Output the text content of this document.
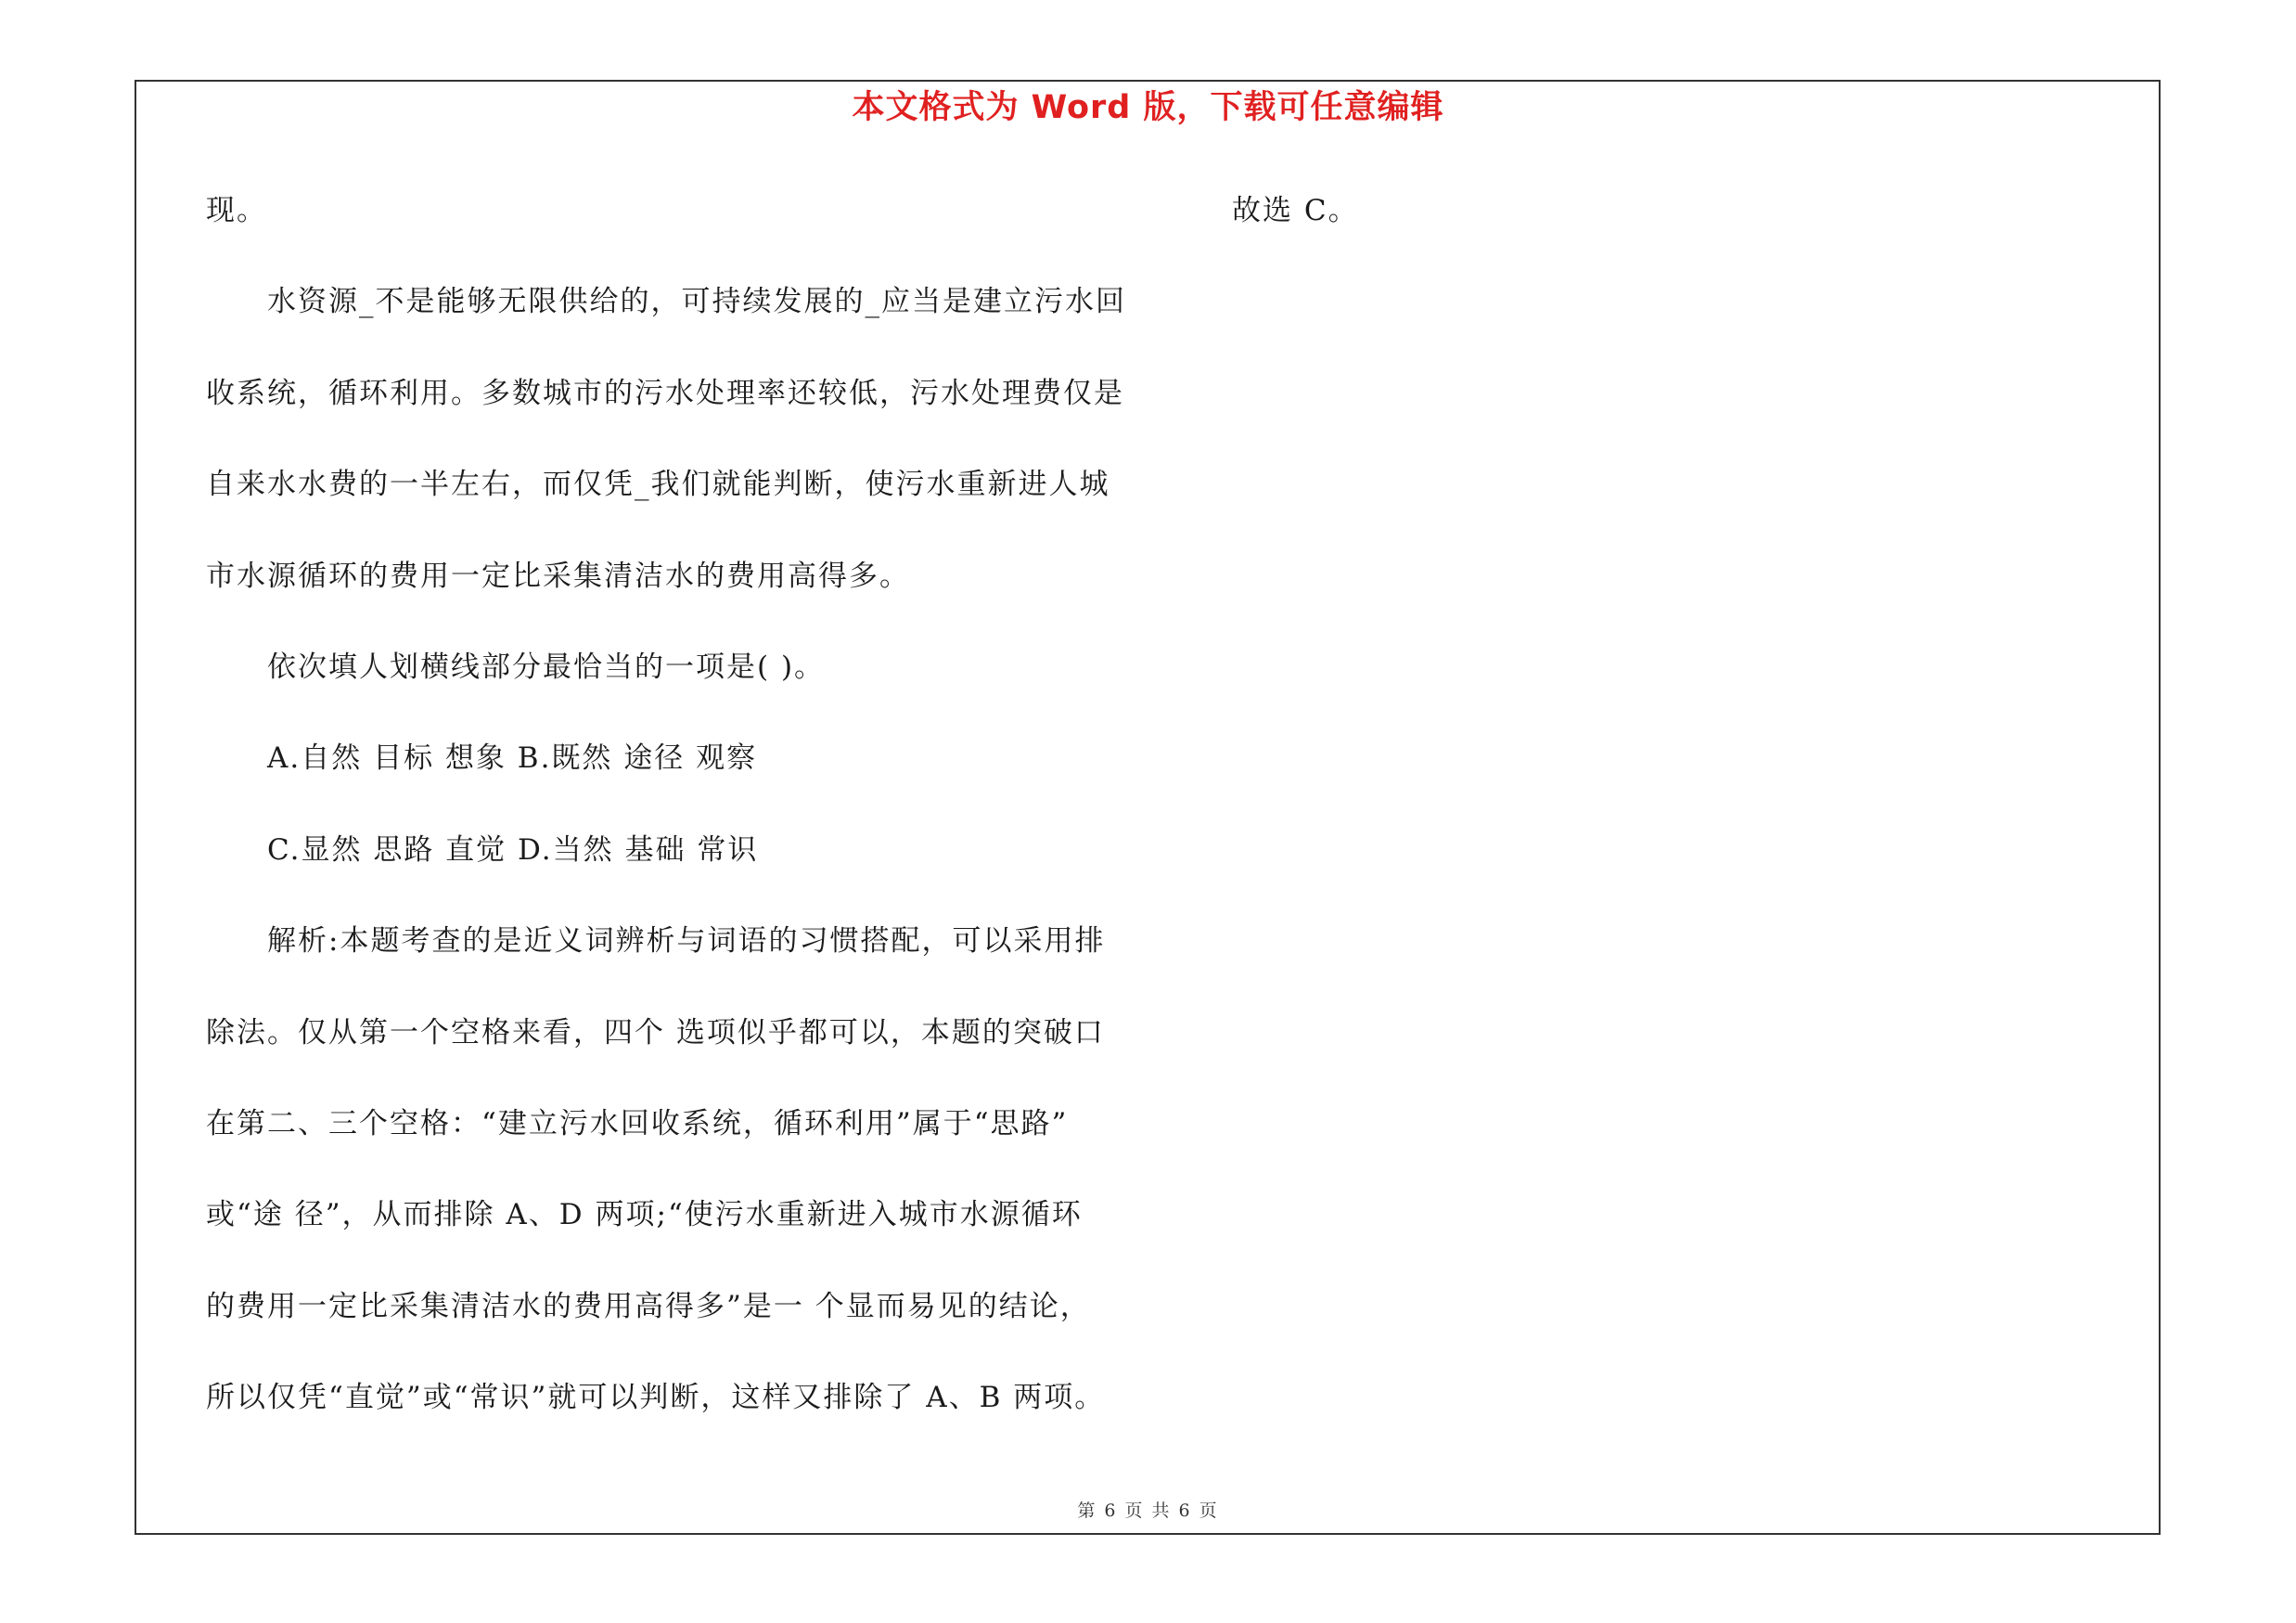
本文格式为 Word 版，下载可任意编辑

现。

水资源_不是能够无限供给的，可持续发展的_应当是建立污水回

收系统，循环利用。多数城市的污水处理率还较低，污水处理费仅是

自来水水费的一半左右，而仅凭_我们就能判断，使污水重新进人城

市水源循环的费用一定比采集清洁水的费用高得多。

依次填人划横线部分最恰当的一项是( )。

A.自然 目标 想象 B.既然 途径 观察

C.显然 思路 直觉 D.当然 基础 常识

解析:本题考查的是近义词辨析与词语的习惯搭配，可以采用排

除法。仅从第一个空格来看，四个 选项似乎都可以，本题的突破口

在第二、三个空格：“建立污水回收系统，循环利用”属于“思路”

或“途 径”，从而排除 A、D 两项;“使污水重新进入城市水源循环

的费用一定比采集清洁水的费用高得多”是一 个显而易见的结论，

所以仅凭“直觉”或“常识”就可以判断，这样又排除了 A、B 两项。

故选 C。

第 6 页 共 6 页
